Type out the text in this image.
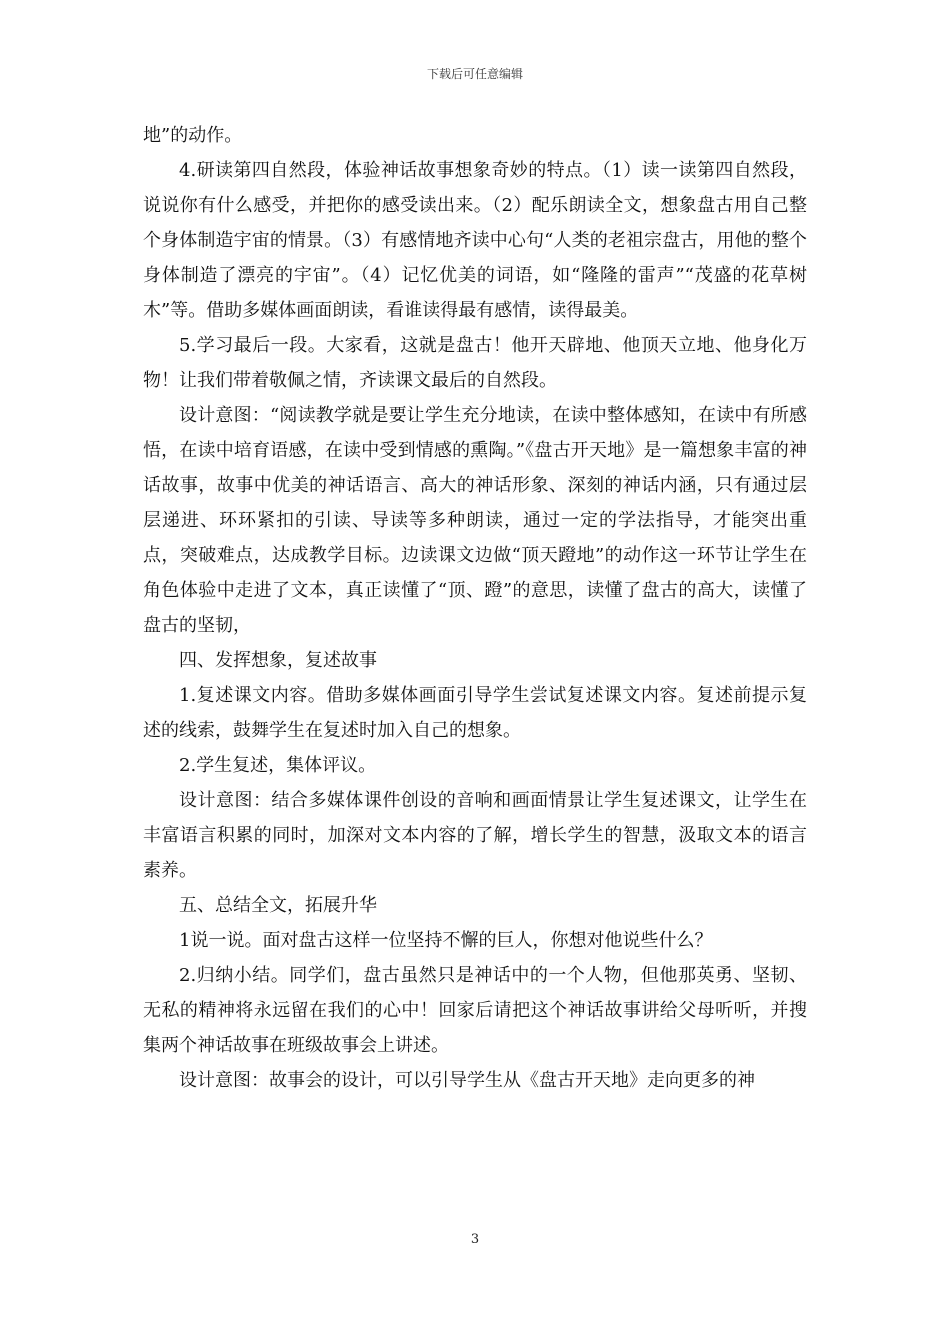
下载后可任意编辑

地”的动作。

4.研读第四自然段，体验神话故事想象奇妙的特点。（1）读一读第四自然段，说说你有什么感受，并把你的感受读出来。（2）配乐朗读全文，想象盘古用自己整个身体制造宇宙的情景。（3）有感情地齐读中心句“人类的老祖宗盘古，用他的整个身体制造了漂亮的宇宙”。（4）记忆优美的词语，如“隆隆的雷声”“茂盛的花草树木”等。借助多媒体画面朗读，看谁读得最有感情，读得最美。

5.学习最后一段。大家看，这就是盘古！他开天辟地、他顶天立地、他身化万物！让我们带着敬佩之情，齐读课文最后的自然段。

设计意图：“阅读教学就是要让学生充分地读，在读中整体感知，在读中有所感悟，在读中培育语感，在读中受到情感的熏陶。”《盘古开天地》是一篇想象丰富的神话故事，故事中优美的神话语言、高大的神话形象、深刻的神话内涵，只有通过层层递进、环环紧扣的引读、导读等多种朗读，通过一定的学法指导，才能突出重点，突破难点，达成教学目标。边读课文边做“顶天蹬地”的动作这一环节让学生在角色体验中走进了文本，真正读懂了“顶、蹬”的意思，读懂了盘古的高大，读懂了盘古的坚韧，

四、发挥想象，复述故事

1.复述课文内容。借助多媒体画面引导学生尝试复述课文内容。复述前提示复述的线索，鼓舞学生在复述时加入自己的想象。

2.学生复述，集体评议。

设计意图：结合多媒体课件创设的音响和画面情景让学生复述课文，让学生在丰富语言积累的同时，加深对文本内容的了解，增长学生的智慧，汲取文本的语言素养。

五、总结全文，拓展升华

1说一说。面对盘古这样一位坚持不懈的巨人，你想对他说些什么？

2.归纳小结。同学们，盘古虽然只是神话中的一个人物，但他那英勇、坚韧、无私的精神将永远留在我们的心中！回家后请把这个神话故事讲给父母听听，并搜集两个神话故事在班级故事会上讲述。

设计意图：故事会的设计，可以引导学生从《盘古开天地》走向更多的神

3
